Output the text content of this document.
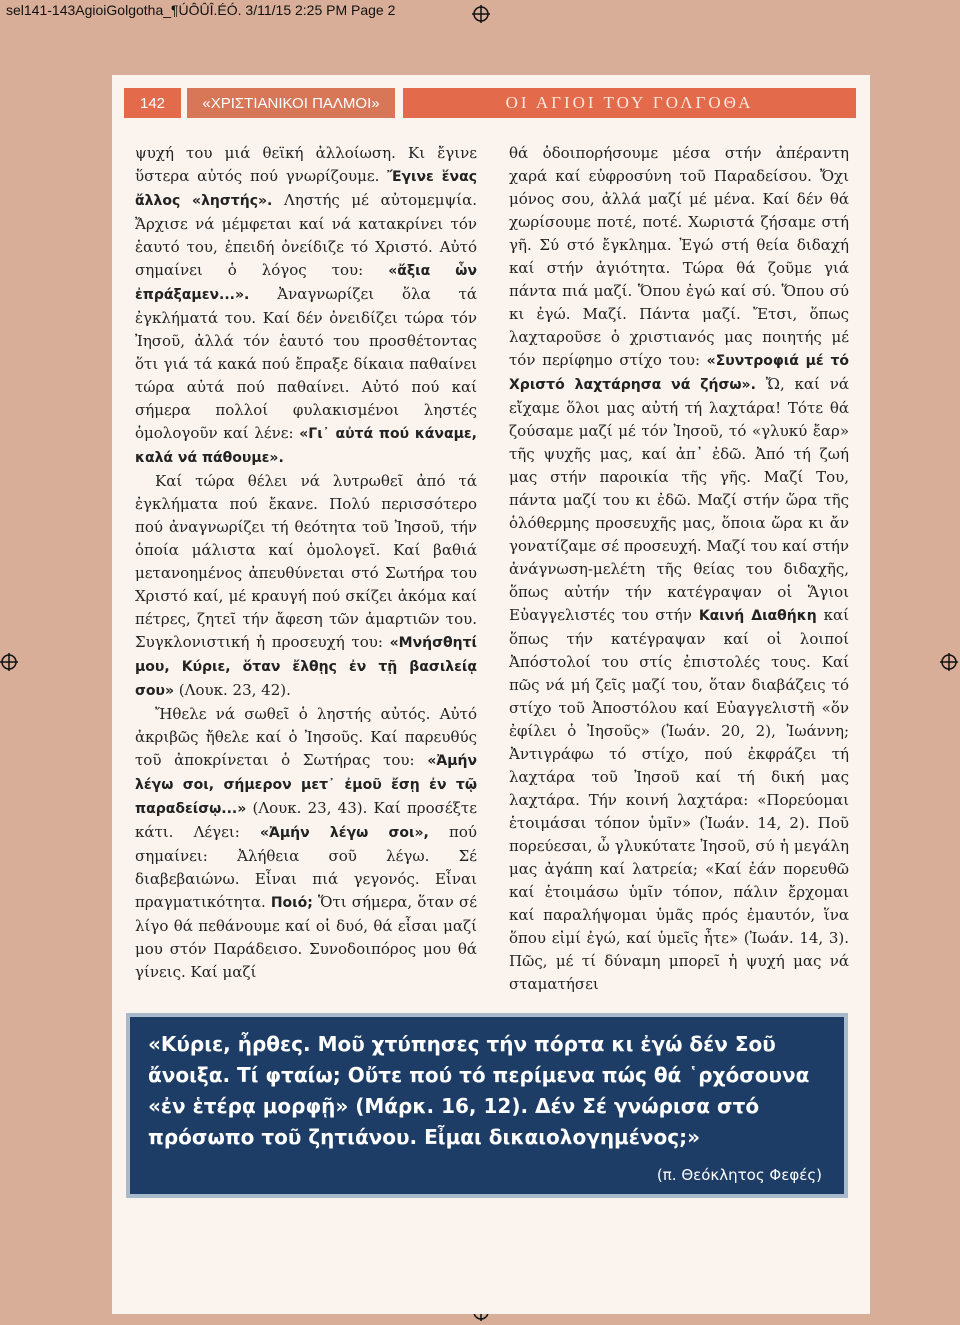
sel141-143AgioiGolgotha_¶ÚÔÛÎ.ÉÓ. 3/11/15 2:25 PM Page 2
142	«ΧΡΙΣΤΙΑΝΙΚΟΙ ΠΑΛΜΟΙ»	ΟΙ ΑΓΙΟΙ ΤΟΥ ΓΟΛΓΟΘΑ

ψυχή του μιά θεϊκή ἀλλοίωση. Κι ἔγινε ὕστερα αὐτός πού γνωρίζουμε. Ἔγινε ἕνας ἄλλος «ληστής». Ληστής μέ αὐτομεμψία. Ἄρχισε νά μέμφεται καί νά κατακρίνει τόν ἑαυτό του, ἐπειδή ὀνείδιζε τό Χριστό. Αὐτό σημαίνει ὁ λόγος του: «ἄξια ὧν ἐπράξαμεν...». Ἀναγνωρίζει ὅλα τά ἐγκλήματά του. Καί δέν ὀνειδίζει τώρα τόν Ἰησοῦ, ἀλλά τόν ἑαυτό του προσθέτοντας ὅτι γιά τά κακά πού ἔπραξε δίκαια παθαίνει τώρα αὐτά πού παθαίνει. Αὐτό πού καί σήμερα πολλοί φυλακισμένοι ληστές ὁμολογοῦν καί λένε: «Γι᾽ αὐτά πού κάναμε, καλά νά πάθουμε».

Καί τώρα θέλει νά λυτρωθεῖ ἀπό τά ἐγκλήματα πού ἔκανε. Πολύ περισσότερο πού ἀναγνωρίζει τή θεότητα τοῦ Ἰησοῦ, τήν ὁποία μάλιστα καί ὁμολογεῖ. Καί βαθιά μετανοημένος ἀπευθύνεται στό Σωτήρα του Χριστό καί, μέ κραυγή πού σκίζει ἀκόμα καί πέτρες, ζητεῖ τήν ἄφεση τῶν ἁμαρτιῶν του. Συγκλονιστική ἡ προσευχή του: «Μνήσθητί μου, Κύριε, ὅταν ἔλθῃς ἐν τῇ βασιλείᾳ σου» (Λουκ. 23, 42).

Ἤθελε νά σωθεῖ ὁ ληστής αὐτός. Αὐτό ἀκριβῶς ἤθελε καί ὁ Ἰησοῦς. Καί παρευθύς τοῦ ἀποκρίνεται ὁ Σωτήρας του: «Ἀμήν λέγω σοι, σήμερον μετ᾽ ἐμοῦ ἔσῃ ἐν τῷ παραδείσῳ...» (Λουκ. 23, 43). Καί προσέξτε κάτι. Λέγει: «Ἀμήν λέγω σοι», πού σημαίνει: Ἀλήθεια σοῦ λέγω. Σέ διαβεβαιώνω. Εἶναι πιά γεγονός. Εἶναι πραγματικότητα. Ποιό; Ὅτι σήμερα, ὅταν σέ λίγο θά πεθάνουμε καί οἱ δυό, θά εἶσαι μαζί μου στόν Παράδεισο. Συνοδοιπόρος μου θά γίνεις. Καί μαζί

θά ὁδοιπορήσουμε μέσα στήν ἀπέραντη χαρά καί εὐφροσύνη τοῦ Παραδείσου. Ὄχι μόνος σου, ἀλλά μαζί μέ μένα. Καί δέν θά χωρίσουμε ποτέ, ποτέ. Χωριστά ζήσαμε στή γῆ. Σύ στό ἔγκλημα. Ἐγώ στή θεία διδαχή καί στήν ἁγιότητα. Τώρα θά ζοῦμε γιά πάντα πιά μαζί. Ὅπου ἐγώ καί σύ. Ὅπου σύ κι ἐγώ. Μαζί. Πάντα μαζί. Ἔτσι, ὅπως λαχταροῦσε ὁ χριστιανός μας ποιητής μέ τόν περίφημο στίχο του: «Συντροφιά μέ τό Χριστό λαχτάρησα νά ζήσω». Ὤ, καί νά εἴχαμε ὅλοι μας αὐτή τή λαχτάρα! Τότε θά ζούσαμε μαζί μέ τόν Ἰησοῦ, τό «γλυκύ ἔαρ» τῆς ψυχῆς μας, καί ἀπ᾽ ἐδῶ. Ἀπό τή ζωή μας στήν παροικία τῆς γῆς. Μαζί Του, πάντα μαζί του κι ἐδῶ. Μαζί στήν ὥρα τῆς ὁλόθερμης προσευχῆς μας, ὅποια ὥρα κι ἄν γονατίζαμε σέ προσευχή. Μαζί του καί στήν ἀνάγνωση-μελέτη τῆς θείας του διδαχῆς, ὅπως αὐτήν τήν κατέγραψαν οἱ Ἅγιοι Εὐαγγελιστές του στήν Καινή Διαθήκη καί ὅπως τήν κατέγραψαν καί οἱ λοιποί Ἀπόστολοί του στίς ἐπιστολές τους. Καί πῶς νά μή ζεῖς μαζί του, ὅταν διαβάζεις τό στίχο τοῦ Ἀποστόλου καί Εὐαγγελιστῆ «ὅν ἐφίλει ὁ Ἰησοῦς» (Ἰωάν. 20, 2), Ἰωάννη; Ἀντιγράφω τό στίχο, πού ἐκφράζει τή λαχτάρα τοῦ Ἰησοῦ καί τή δική μας λαχτάρα. Τήν κοινή λαχτάρα: «Πορεύομαι ἑτοιμάσαι τόπον ὑμῖν» (Ἰωάν. 14, 2). Ποῦ πορεύεσαι, ὦ γλυκύτατε Ἰησοῦ, σύ ἡ μεγάλη μας ἀγάπη καί λατρεία; «Καί ἐάν πορευθῶ καί ἑτοιμάσω ὑμῖν τόπον, πάλιν ἔρχομαι καί παραλήψομαι ὑμᾶς πρός ἐμαυτόν, ἵνα ὅπου εἰμί ἐγώ, καί ὑμεῖς ἦτε» (Ἰωάν. 14, 3). Πῶς, μέ τί δύναμη μπορεῖ ἡ ψυχή μας νά σταματήσει

«Κύριε, ἦρθες. Μοῦ χτύπησες τήν πόρτα κι ἐγώ δέν Σοῦ ἄνοιξα. Τί φταίω; Οὔτε πού τό περίμενα πώς θά ῾ρχόσουνα «ἐν ἑτέρᾳ μορφῇ» (Μάρκ. 16, 12). Δέν Σέ γνώρισα στό πρόσωπο τοῦ ζητιάνου. Εἶμαι δικαιολογημένος;»
(π. Θεόκλητος Φεφές)
